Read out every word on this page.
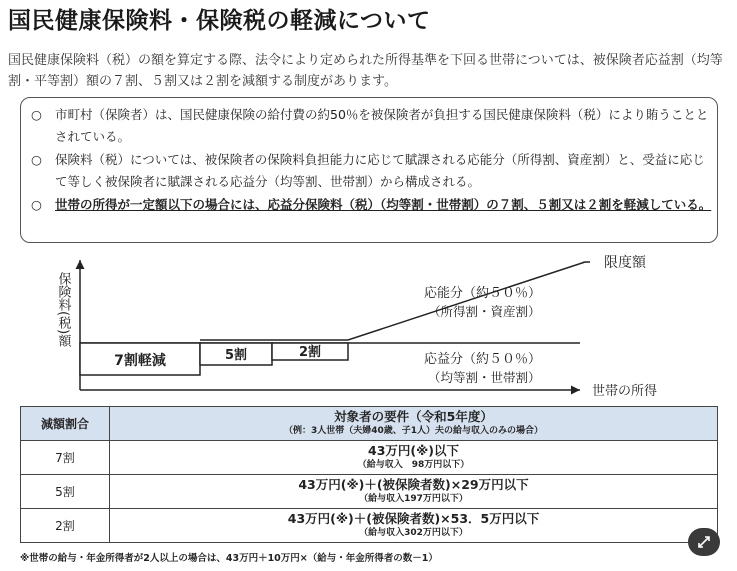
国民健康保険料・保険税の軽減について
国民健康保険料（税）の額を算定する際、法令により定められた所得基準を下回る世帯については、被保険者応益割（均等割・平等割）額の７割、５割又は２割を減額する制度があります。
○ 市町村（保険者）は、国民健康保険の給付費の約50％を被保険者が負担する国民健康保険料（税）により賄うこととされている。
○ 保険料（税）については、被保険者の保険料負担能力に応じて賦課される応能分（所得割、資産割）と、受益に応じて等しく被保険者に賦課される応益分（均等割、世帯割）から構成される。
○ 世帯の所得が一定額以下の場合には、応益分保険料（税）（均等割・世帯割）の７割、５割又は２割を軽減している。
保険料(税)額
世帯の所得
限度額
7割軽減	5割	2割
応能分（約５０％）
（所得割・資産割）
応益分（約５０％）
（均等割・世帯割）
減額割合	対象者の要件（令和5年度）
（例：3人世帯（夫婦40歳、子1人）夫の給与収入のみの場合）

7割	43万円(※)以下
（給与収入　98万円以下）

5割	43万円(※)＋(被保険者数)×29万円以下
（給与収入197万円以下）

2割	43万円(※)＋(被保険者数)×53．5万円以下
（給与収入302万円以下）
※世帯の給与・年金所得者が2人以上の場合は、43万円＋10万円×（給与・年金所得者の数－1）
